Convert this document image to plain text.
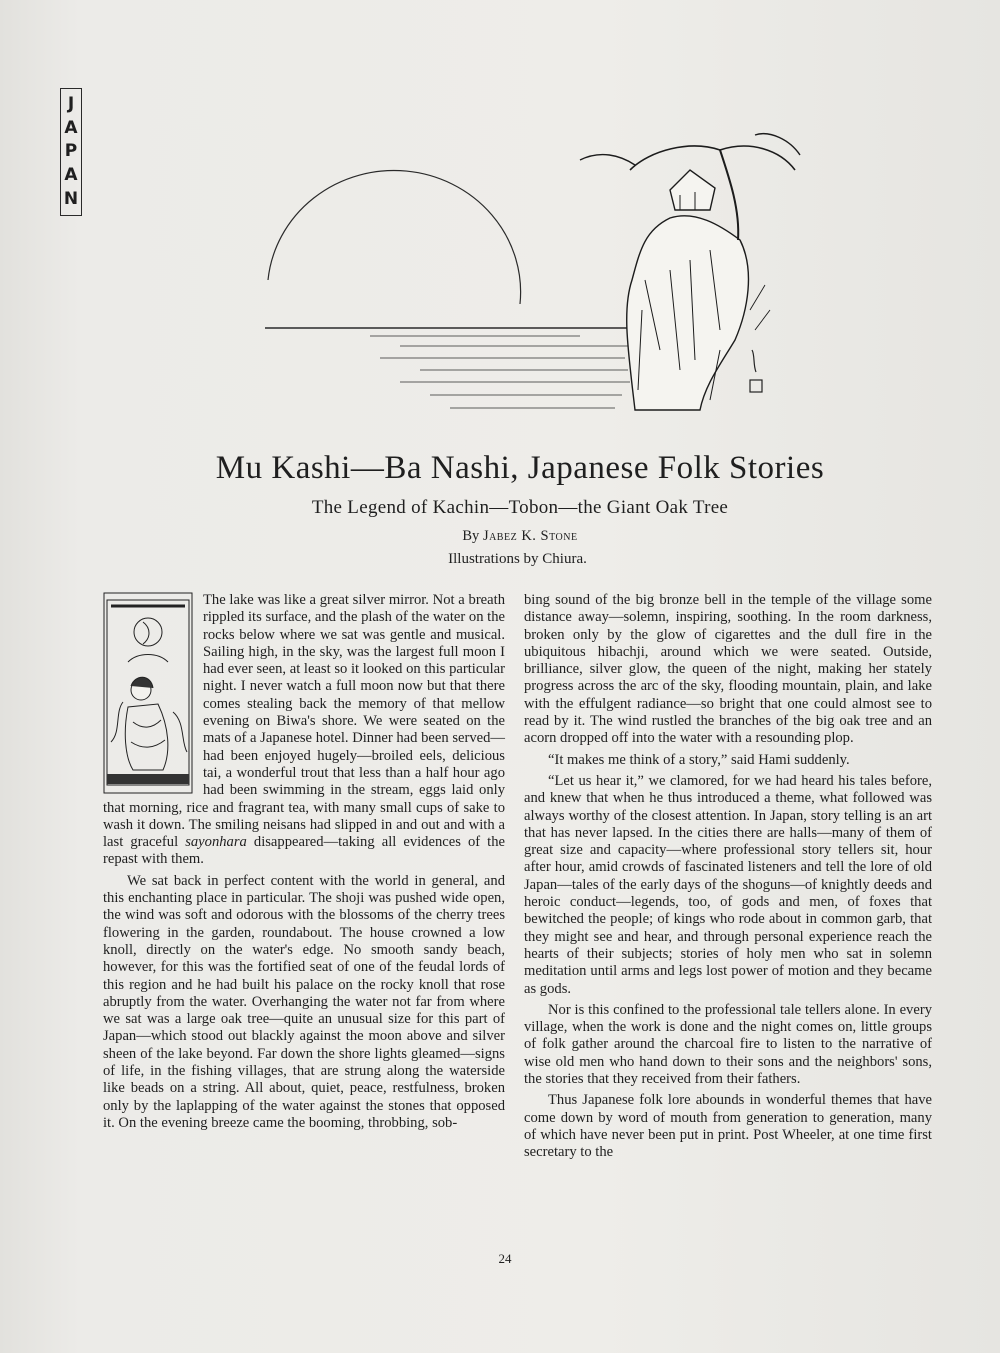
J
A
P
A
N
Mu Kashi—Ba Nashi, Japanese Folk Stories
The Legend of Kachin—Tobon—the Giant Oak Tree
By Jabez K. Stone
Illustrations by Chiura.

The lake was like a great silver mirror. Not a breath rippled its surface, and the plash of the water on the rocks below where we sat was gentle and musical. Sailing high, in the sky, was the largest full moon I had ever seen, at least so it looked on this particular night. I never watch a full moon now but that there comes stealing back the memory of that mellow evening on Biwa's shore. We were seated on the mats of a Japanese hotel. Dinner had been served—had been enjoyed hugely—broiled eels, delicious tai, a wonderful trout that less than a half hour ago had been swimming in the stream, eggs laid only that morning, rice and fragrant tea, with many small cups of sake to wash it down. The smiling neisans had slipped in and out and with a last graceful sayonhara disappeared—taking all evidences of the repast with them.

We sat back in perfect content with the world in general, and this enchanting place in particular. The shoji was pushed wide open, the wind was soft and odorous with the blossoms of the cherry trees flowering in the garden, roundabout. The house crowned a low knoll, directly on the water's edge. No smooth sandy beach, however, for this was the fortified seat of one of the feudal lords of this region and he had built his palace on the rocky knoll that rose abruptly from the water. Overhanging the water not far from where we sat was a large oak tree—quite an unusual size for this part of Japan—which stood out blackly against the moon above and silver sheen of the lake beyond. Far down the shore lights gleamed—signs of life, in the fishing villages, that are strung along the waterside like beads on a string. All about, quiet, peace, restfulness, broken only by the laplapping of the water against the stones that opposed it. On the evening breeze came the booming, throbbing, sob-

bing sound of the big bronze bell in the temple of the village some distance away—solemn, inspiring, soothing. In the room darkness, broken only by the glow of cigarettes and the dull fire in the ubiquitous hibachji, around which we were seated. Outside, brilliance, silver glow, the queen of the night, making her stately progress across the arc of the sky, flooding mountain, plain, and lake with the effulgent radiance—so bright that one could almost see to read by it. The wind rustled the branches of the big oak tree and an acorn dropped off into the water with a resounding plop.

“It makes me think of a story,” said Hami suddenly.

“Let us hear it,” we clamored, for we had heard his tales before, and knew that when he thus introduced a theme, what followed was always worthy of the closest attention. In Japan, story telling is an art that has never lapsed. In the cities there are halls—many of them of great size and capacity—where professional story tellers sit, hour after hour, amid crowds of fascinated listeners and tell the lore of old Japan—tales of the early days of the shoguns—of knightly deeds and heroic conduct—legends, too, of gods and men, of foxes that bewitched the people; of kings who rode about in common garb, that they might see and hear, and through personal experience reach the hearts of their subjects; stories of holy men who sat in solemn meditation until arms and legs lost power of motion and they became as gods.

Nor is this confined to the professional tale tellers alone. In every village, when the work is done and the night comes on, little groups of folk gather around the charcoal fire to listen to the narrative of wise old men who hand down to their sons and the neighbors' sons, the stories that they received from their fathers.

Thus Japanese folk lore abounds in wonderful themes that have come down by word of mouth from generation to generation, many of which have never been put in print. Post Wheeler, at one time first secretary to the

24
